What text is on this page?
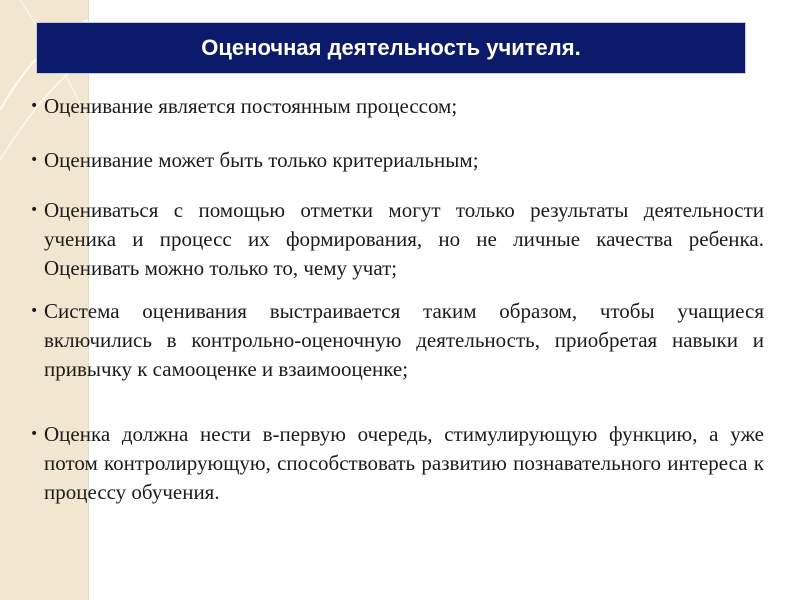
Оценочная деятельность учителя.
• Оценивание является постоянным процессом;
• Оценивание может быть только критериальным;
• Оцениваться с помощью отметки могут только результаты деятельности ученика и процесс их формирования, но не личные качества ребенка. Оценивать можно только то, чему учат;
• Система оценивания выстраивается таким образом, чтобы учащиеся включились в контрольно-оценочную деятельность, приобретая навыки и привычку к самооценке и взаимооценке;
• Оценка должна нести в-первую очередь, стимулирующую функцию, а уже потом контролирующую, способствовать развитию познавательного интереса к процессу обучения.
